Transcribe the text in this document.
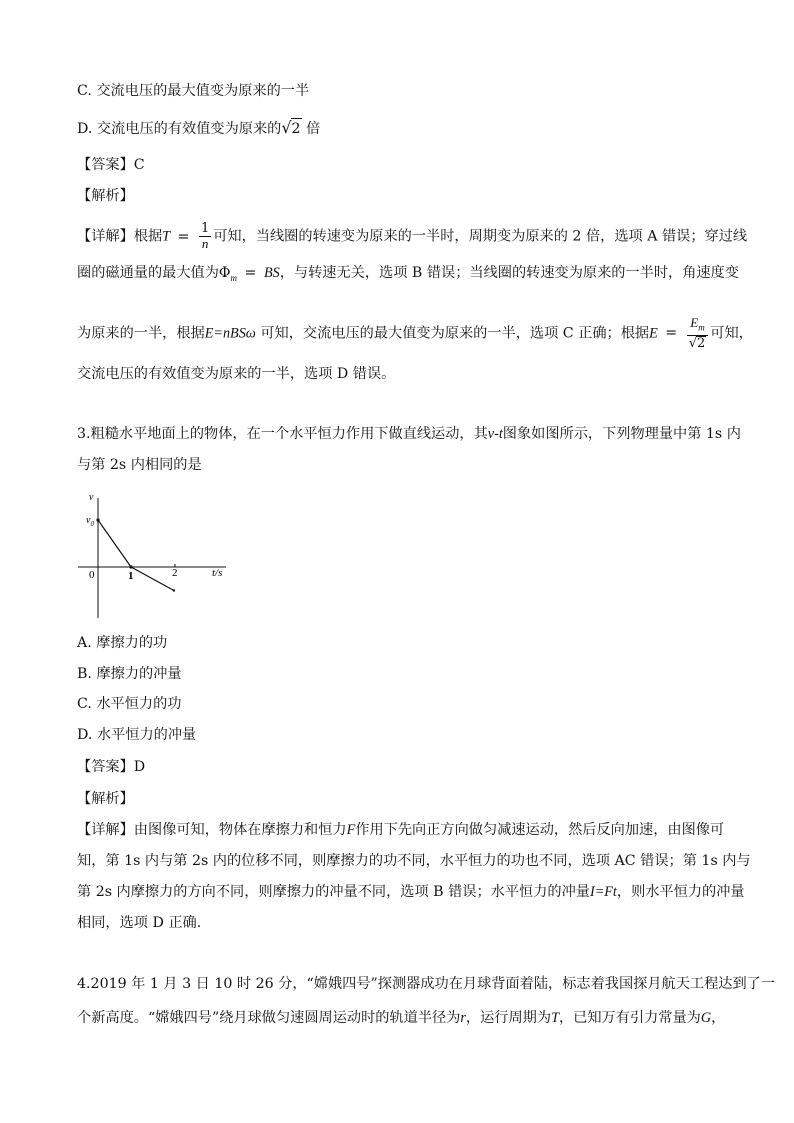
C. 交流电压的最大值变为原来的一半
D. 交流电压的有效值变为原来的√2 倍
【答案】C
【解析】
【详解】根据$T = \frac{1}{n}$ 可知，当线圈的转速变为原来的一半时，周期变为原来的 2 倍，选项 A 错误；穿过线
圈的磁通量的最大值为$\Phi_m$ = BS，与转速无关，选项 B 错误；当线圈的转速变为原来的一半时，角速度变
为原来的一半，根据E=nBSω 可知，交流电压的最大值变为原来的一半，选项 C 正确；根据$E = \frac{E_m}{√2}$ 可知，
交流电压的有效值变为原来的一半，选项 D 错误。
3.粗糙水平地面上的物体，在一个水平恒力作用下做直线运动，其v-t图象如图所示，下列物理量中第 1s 内
与第 2s 内相同的是
v
$v_0$
0	1	2	t/s
A. 摩擦力的功
B. 摩擦力的冲量
C. 水平恒力的功
D. 水平恒力的冲量
【答案】D
【解析】
【详解】由图像可知，物体在摩擦力和恒力F作用下先向正方向做匀减速运动，然后反向加速，由图像可
知，第 1s 内与第 2s 内的位移不同，则摩擦力的功不同，水平恒力的功也不同，选项 AC 错误；第 1s 内与
第 2s 内摩擦力的方向不同，则摩擦力的冲量不同，选项 B 错误；水平恒力的冲量I=Ft，则水平恒力的冲量
相同，选项 D 正确.
4.2019 年 1 月 3 日 10 时 26 分，“嫦娥四号”探测器成功在月球背面着陆，标志着我国探月航天工程达到了一
个新高度。“嫦娥四号”绕月球做匀速圆周运动时的轨道半径为r，运行周期为T，已知万有引力常量为G，
